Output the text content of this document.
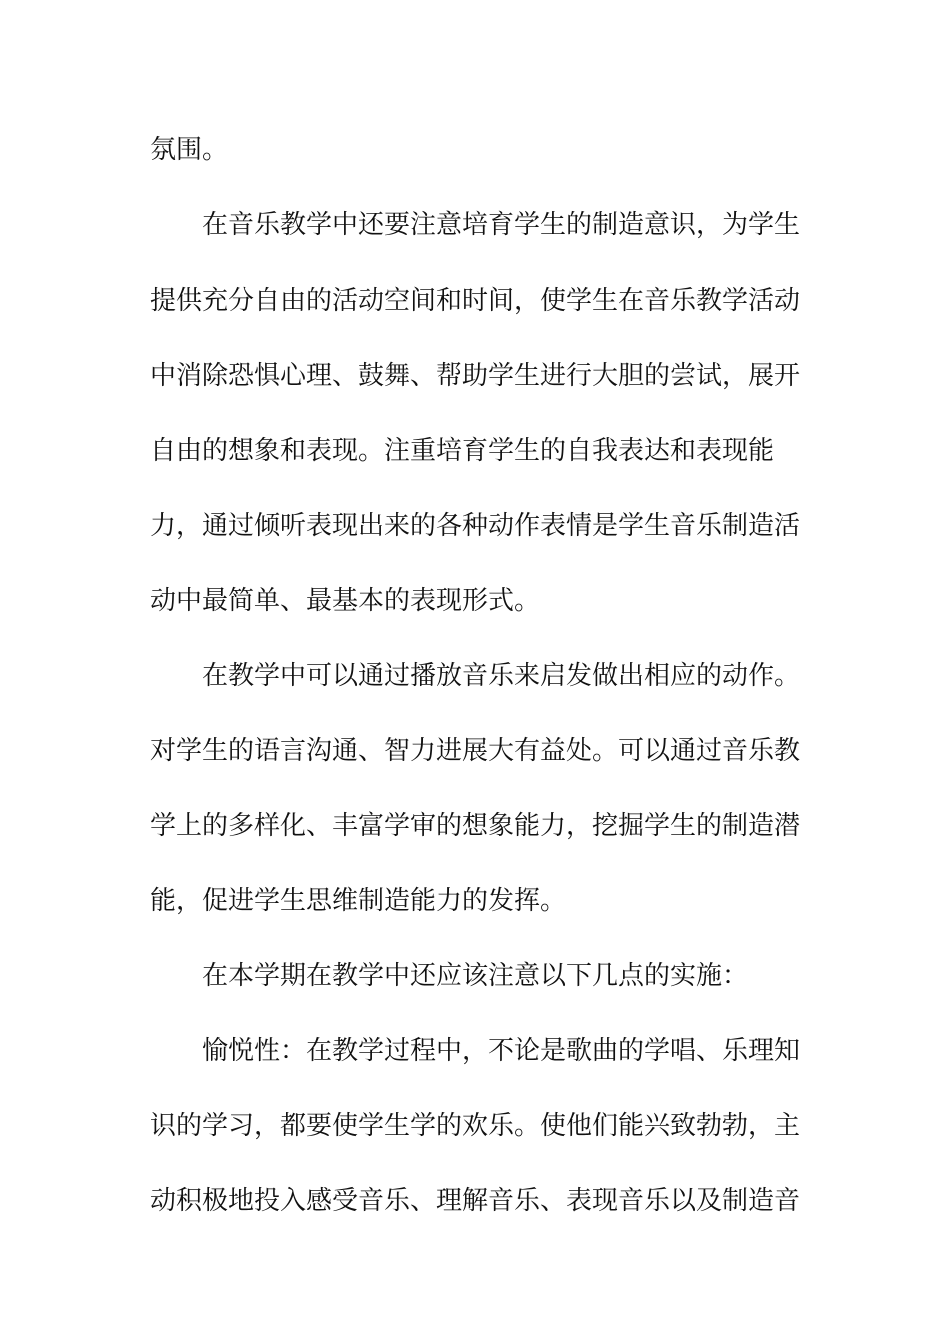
氛围。
在音乐教学中还要注意培育学生的制造意识，为学生
提供充分自由的活动空间和时间，使学生在音乐教学活动
中消除恐惧心理、鼓舞、帮助学生进行大胆的尝试，展开
自由的想象和表现。注重培育学生的自我表达和表现能
力，通过倾听表现出来的各种动作表情是学生音乐制造活
动中最简单、最基本的表现形式。
在教学中可以通过播放音乐来启发做出相应的动作。
对学生的语言沟通、智力进展大有益处。可以通过音乐教
学上的多样化、丰富学审的想象能力，挖掘学生的制造潜
能，促进学生思维制造能力的发挥。
在本学期在教学中还应该注意以下几点的实施：
愉悦性：在教学过程中，不论是歌曲的学唱、乐理知
识的学习，都要使学生学的欢乐。使他们能兴致勃勃，主
动积极地投入感受音乐、理解音乐、表现音乐以及制造音
